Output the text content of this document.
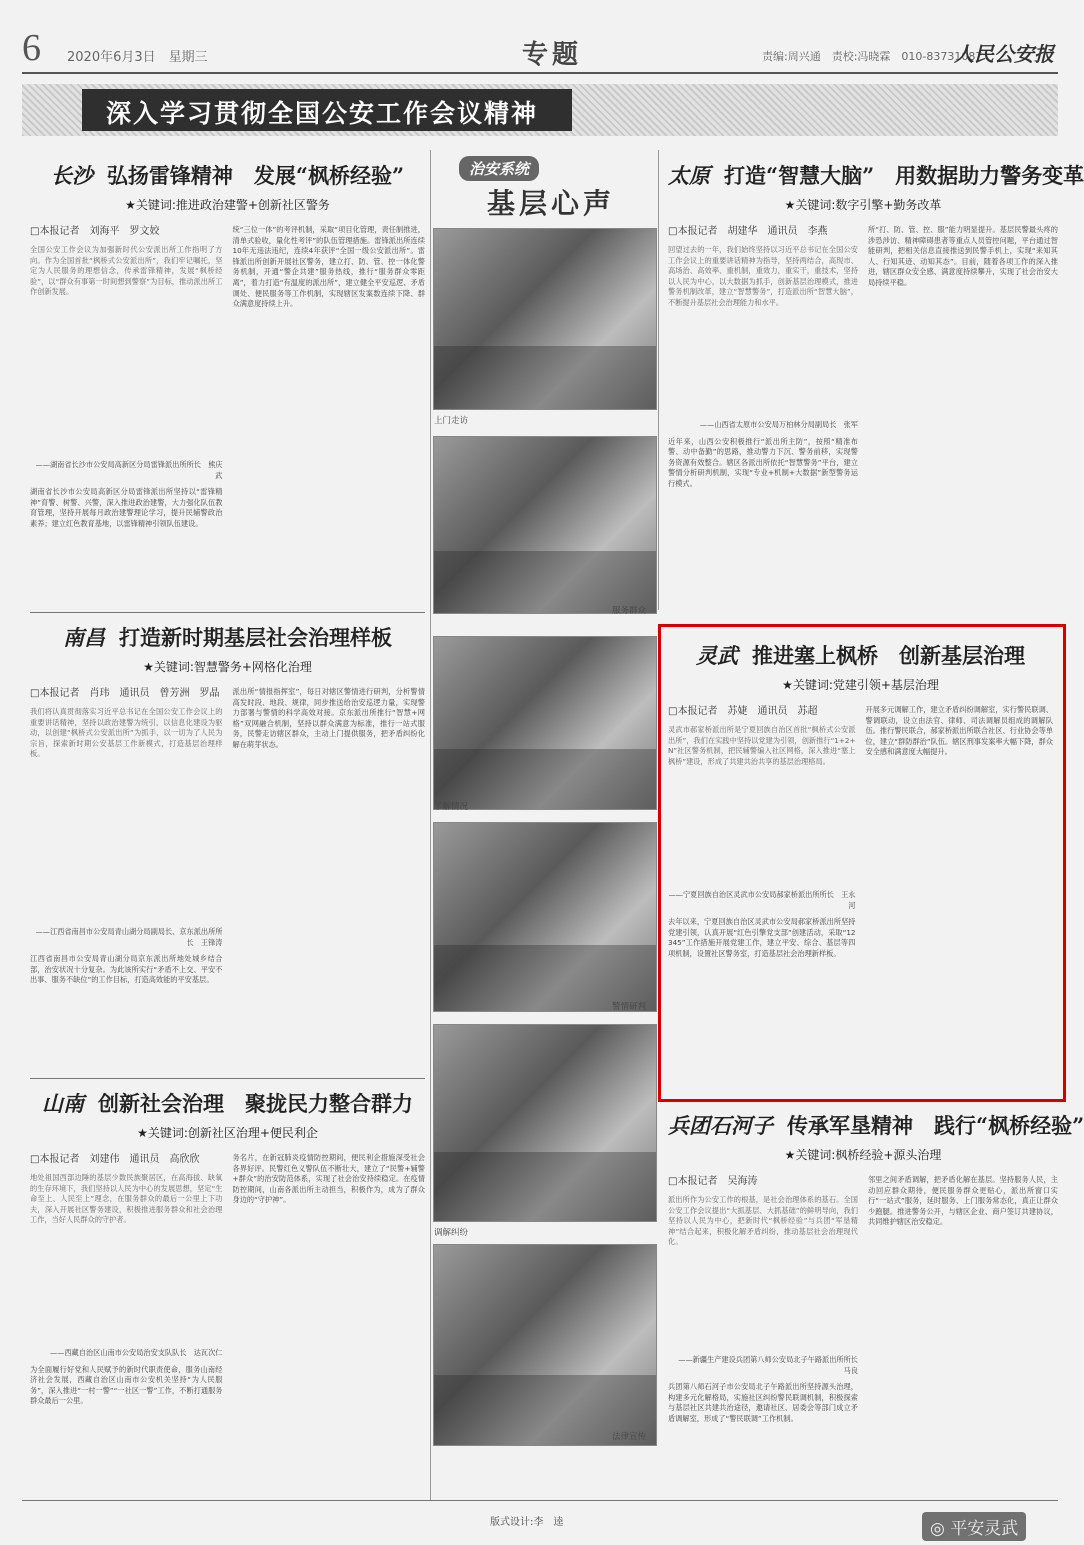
6 2020年6月3日　星期三	专题	责编:周兴通　责校:冯晓霖　010-83731087
人民公安报
深入学习贯彻全国公安工作会议精神
长沙 弘扬雷锋精神　发展“枫桥经验”
★关键词:推进政治建警+创新社区警务
□本报记者　刘海平　罗文姣
全国公安工作会议为加强新时代公安派出所工作指明了方向。作为全国首批“枫桥式公安派出所”，我们牢记嘱托，坚定为人民服务的理想信念，传承雷锋精神，发展“枫桥经验”，以“群众有事第一时间想到警察”为目标，推动派出所工作创新发展。
——湖南省长沙市公安局高新区分局雷锋派出所所长　熊庆武
湖南省长沙市公安局高新区分局雷锋派出所坚持以“雷锋精神”育警、树警、兴警，深入推进政治建警，大力强化队伍教育管理，坚持开展每月政治建警理论学习，提升民辅警政治素养；建立红色教育基地，以雷锋精神引领队伍建设。
统“三位一体”的考评机制，采取“项目化管理，责任制推进，清单式验收，量化性考评”的队伍管理措施。雷锋派出所连续10年无违法违纪，连续4年获评“全国一级公安派出所”。雷锋派出所创新开展社区警务，建立打、防、管、控一体化警务机制，开通“警企共建”服务热线，推行“服务群众零距离”，着力打造“有温度的派出所”，建立健全平安巡逻、矛盾调处、便民服务等工作机制，实现辖区发案数连续下降、群众满意度持续上升。
太原 打造“智慧大脑”　用数据助力警务变革
★关键词:数字引擎+勤务改革
□本报记者　胡建华　通讯员　李燕
回望过去的一年，我们始终坚持以习近平总书记在全国公安工作会议上的重要讲话精神为指导，坚持两结合，高现市、高场治、高效率、重机制，重效力，重实干，重技术，坚持以人民为中心，以大数据为抓手，创新基层治理模式，推进警务机制改革，建立“智慧警务”，打造派出所“智慧大脑”，不断提升基层社会治理能力和水平。
——山西省太原市公安局万柏林分局副局长　张军
近年来，山西公安积极推行“派出所主防”，按照“精准布警、动中备勤”的思路，推动警力下沉、警务前移，实现警务资源有效整合。辖区各派出所依托“智慧警务”平台，建立警情分析研判机制，实现“专业+机制+大数据”新型警务运行模式。
所“打、防、管、控、服”能力明显提升。基层民警最头疼的涉恐涉访、精神障碍患者等重点人员管控问题，平台通过智能研判，把相关信息直接推送到民警手机上，实现“来知其人、行知其迹、动知其态”。目前，随着各项工作的深入推进，辖区群众安全感、满意度持续攀升，实现了社会治安大局持续平稳。
南昌 打造新时期基层社会治理样板
★关键词:智慧警务+网格化治理
□本报记者　肖玮　通讯员　曾芳洲　罗晶
我们将认真贯彻落实习近平总书记在全国公安工作会议上的重要讲话精神，坚持以政治建警为统引，以信息化建设为驱动，以创建“枫桥式公安派出所”为抓手，以一切为了人民为宗旨，探索新时期公安基层工作新模式，打造基层治理样板。
——江西省南昌市公安局青山湖分局副局长、京东派出所所长　王锋涛
江西省南昌市公安局青山湖分局京东派出所地处城乡结合部，治安状况十分复杂。为此该所实行“矛盾不上交、平安不出事、服务不缺位”的工作目标，打造高效能的平安基层。
派出所“情报指挥室”，每日对辖区警情进行研判，分析警情高发时段、地段、规律，同步推送给治安巡逻力量，实现警力部署与警情的科学高效对接。京东派出所推行“智慧+网格”双网融合机制，坚持以群众满意为标准，推行一站式服务，民警走访辖区群众，主动上门提供服务，把矛盾纠纷化解在萌芽状态。
灵武 推进塞上枫桥　创新基层治理
★关键词:党建引领+基层治理
□本报记者　苏婕　通讯员　苏超
灵武市郝家桥派出所是宁夏回族自治区首批“枫桥式公安派出所”，我们在实践中坚持以党建为引领，创新推行“1+2+N”社区警务机制，把民辅警编入社区网格，深入推进“塞上枫桥”建设，形成了共建共治共享的基层治理格局。
——宁夏回族自治区灵武市公安局郝家桥派出所所长　王永河
去年以来，宁夏回族自治区灵武市公安局郝家桥派出所坚持党建引领，认真开展“红色引擎党支部”创建活动，采取“12345”工作措施开展党建工作，建立平安、综合、基层等四项机制，设置社区警务室，打造基层社会治理新样板。
开展多元调解工作，建立矛盾纠纷调解室，实行警民联调、警调联动，设立由法官、律师、司法调解员组成的调解队伍。推行警民联合，郝家桥派出所联合社区、行业协会等单位，建立“群防群治”队伍。辖区刑事发案率大幅下降，群众安全感和满意度大幅提升。
山南 创新社会治理　聚拢民力整合群力
★关键词:创新社区治理+便民利企
□本报记者　刘建伟　通讯员　高欣欣
地处祖国西部边陲的基层少数民族聚居区，在高海拔、缺氧的生存环境下，我们坚持以人民为中心的发展思想，坚定“生命至上、人民至上”理念，在服务群众的最后一公里上下功夫，深入开展社区警务建设，积极推进服务群众和社会治理工作，当好人民群众的守护者。
——西藏自治区山南市公安局治安支队队长　达瓦次仁
为全面履行好党和人民赋予的新时代职责使命，服务山南经济社会发展，西藏自治区山南市公安机关坚持“为人民服务”，深入推进“一村一警”“一社区一警”工作，不断打通服务群众最后一公里。
务名片，在新冠肺炎疫情防控期间，便民利企措施深受社会各界好评。民警红色义警队伍不断壮大，建立了“民警+辅警+群众”的治安防范体系，实现了社会治安持续稳定。在疫情防控期间，山南各派出所主动担当，积极作为，成为了群众身边的“守护神”。
兵团石河子 传承军垦精神　践行“枫桥经验”
★关键词:枫桥经验+源头治理
□本报记者　吴海涛
派出所作为公安工作的根基，是社会治理体系的基石。全国公安工作会议提出“大抓基层、大抓基础”的鲜明导向，我们坚持以人民为中心，把新时代“枫桥经验”与兵团“军垦精神”结合起来，积极化解矛盾纠纷，推动基层社会治理现代化。
——新疆生产建设兵团第八师公安局北子午路派出所所长　马良
兵团第八师石河子市公安局北子午路派出所坚持源头治理，构建多元化解格局，实施社区纠纷警民联调机制，积极探索与基层社区共建共治途径，邀请社区、居委会等部门成立矛盾调解室，形成了“警民联调”工作机制。
邻里之间矛盾调解，把矛盾化解在基层。坚持服务人民，主动回应群众期待，便民服务群众更贴心，派出所窗口实行“一站式”服务，延时服务、上门服务常态化，真正让群众少跑腿。推进警务公开，与辖区企业、商户签订共建协议，共同维护辖区治安稳定。
治安系统
基层心声
上门走访
服务群众
了解情况
警情研判
调解纠纷
法律宣传
版式设计:李　逵	◎ 平安灵武
